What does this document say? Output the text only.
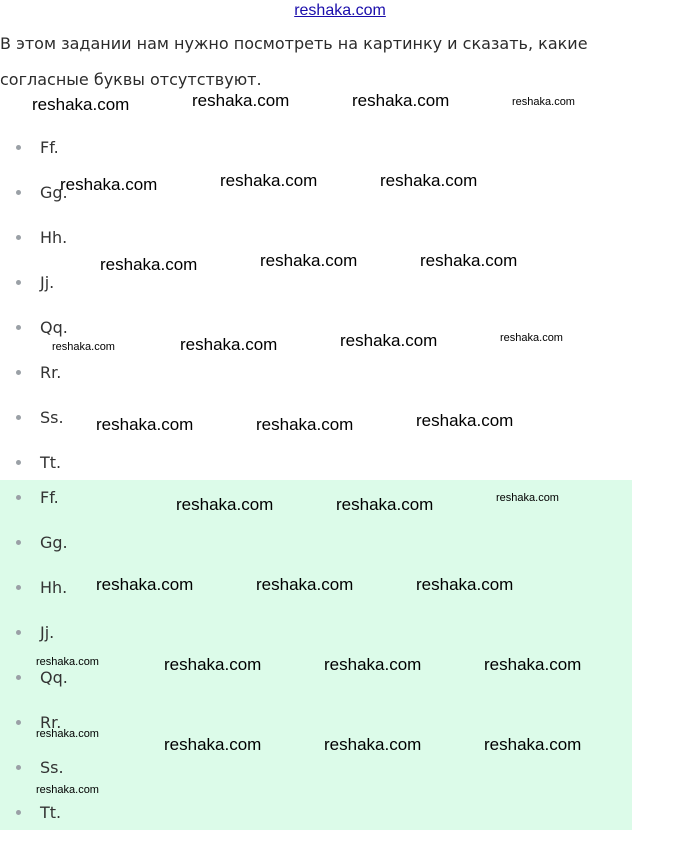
reshaka.com
В этом задании нам нужно посмотреть на картинку и сказать, какие согласные буквы отсутствуют.
Ff.
Gg.
Hh.
Jj.
Qq.
Rr.
Ss.
Tt.
Ff.
Gg.
Hh.
Jj.
Qq.
Rr.
Ss.
Tt.
reshaka.com	reshaka.com	reshaka.com	reshaka.com
reshaka.com	reshaka.com	reshaka.com
reshaka.com	reshaka.com	reshaka.com
reshaka.com	reshaka.com	reshaka.com	reshaka.com
reshaka.com	reshaka.com	reshaka.com
reshaka.com	reshaka.com	reshaka.com
reshaka.com	reshaka.com	reshaka.com
reshaka.com	reshaka.com	reshaka.com	reshaka.com
reshaka.com
reshaka.com	reshaka.com	reshaka.com
reshaka.com
